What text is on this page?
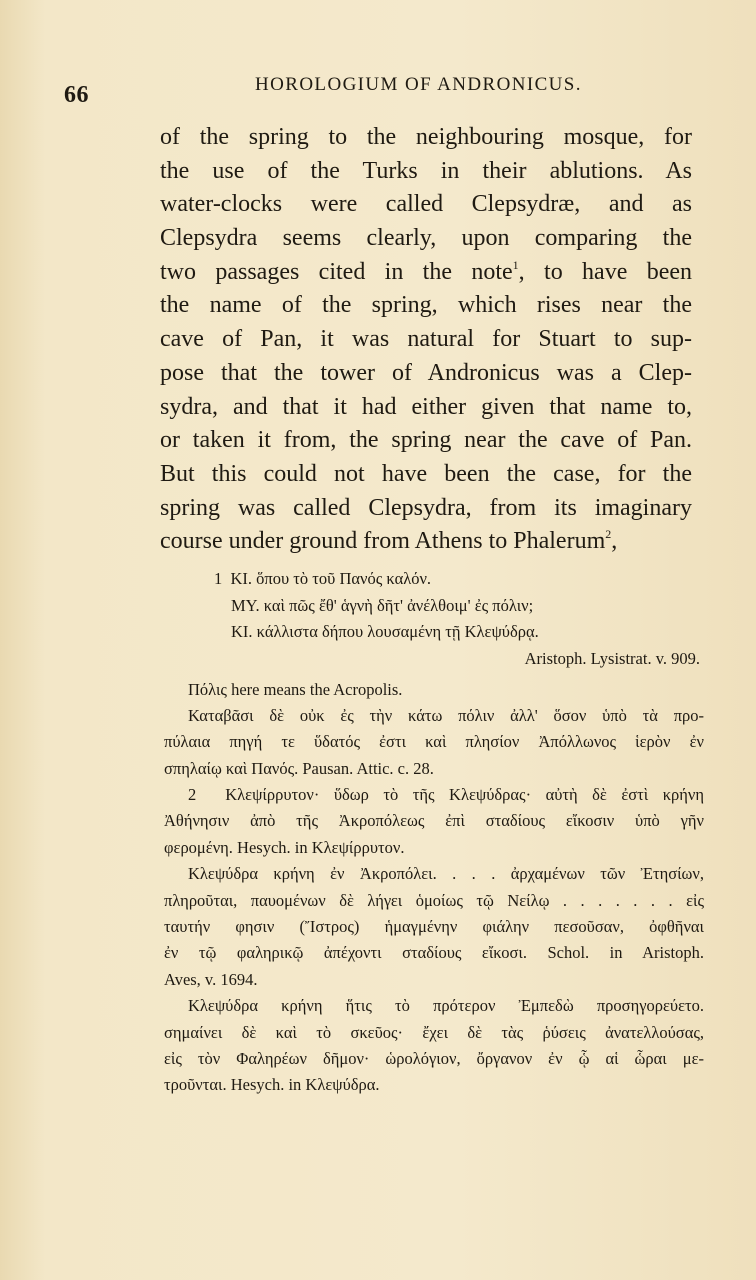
66	HOROLOGIUM OF ANDRONICUS.
of the spring to the neighbouring mosque, for
the use of the Turks in their ablutions. As
water-clocks were called Clepsydræ, and as
Clepsydra seems clearly, upon comparing the
two passages cited in the note$^1$, to have been
the name of the spring, which rises near the
cave of Pan, it was natural for Stuart to sup-
pose that the tower of Andronicus was a Clep-
sydra, and that it had either given that name to,
or taken it from, the spring near the cave of Pan.
But this could not have been the case, for the
spring was called Clepsydra, from its imaginary
course under ground from Athens to Phalerum$^2$,
1 KI. ὅπου τὸ τοῦ Πανός καλόν.
MY. καὶ πῶς ἔθ' ἁγνὴ δῆτ' ἀνέλθοιμ' ἐς πόλιν;
KI. κάλλιστα δήπου λουσαμένη τῇ Κλεψύδρᾳ.
Aristoph. Lysistrat. v. 909.
Πόλις here means the Acropolis.
Καταβᾶσι δὲ οὐκ ἐς τὴν κάτω πόλιν ἀλλ' ὅσον ὑπὸ τὰ προ-
πύλαια πηγή τε ὕδατός ἐστι καὶ πλησίον Ἀπόλλωνος ἱερὸν ἐν
σπηλαίῳ καὶ Πανός. Pausan. Attic. c. 28.
2 Κλεψίρρυτον· ὕδωρ τὸ τῆς Κλεψύδρας· αὐτὴ δὲ ἐστὶ κρήνη
Ἀθήνησιν ἀπὸ τῆς Ἀκροπόλεως ἐπὶ σταδίους εἴκοσιν ὑπὸ γῆν
φερομένη. Hesych. in Κλεψίρρυτον.
Κλεψύδρα κρήνη ἐν Ἀκροπόλει. . . . ἀρχαμένων τῶν Ἐτησίων,
πληροῦται, παυομένων δὲ λήγει ὁμοίως τῷ Νείλῳ . . . . . . . εἰς
ταυτήν φησιν (Ἴστρος) ἡμαγμένην φιάλην πεσοῦσαν, ὀφθῆναι
ἐν τῷ φαληρικῷ ἀπέχοντι σταδίους εἴκοσι. Schol. in Aristoph.
Aves, v. 1694.
Κλεψύδρα κρήνη ἥτις τὸ πρότερον Ἐμπεδὼ προσηγορεύετο.
σημαίνει δὲ καὶ τὸ σκεῦος· ἔχει δὲ τὰς ῥύσεις ἀνατελλούσας,
εἰς τὸν Φαληρέων δῆμον· ὡρολόγιον, ὄργανον ἐν ᾧ αἱ ὧραι με-
τροῦνται. Hesych. in Κλεψύδρα.
